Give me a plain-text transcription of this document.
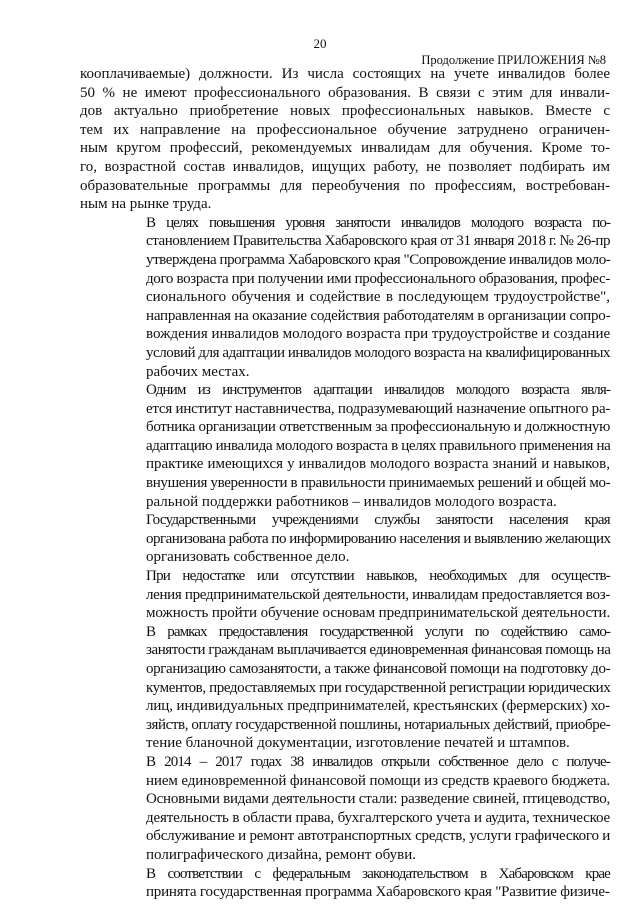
20
Продолжение ПРИЛОЖЕНИЯ №8

кооплачиваемые) должности. Из числа состоящих на учете инвалидов более
50 % не имеют профессионального образования. В связи с этим для инвали-
дов актуально приобретение новых профессиональных навыков. Вместе с
тем их направление на профессиональное обучение затруднено ограничен-
ным кругом профессий, рекомендуемых инвалидам для обучения. Кроме то-
го, возрастной состав инвалидов, ищущих работу, не позволяет подбирать им
образовательные программы для переобучения по профессиям, востребован-
ным на рынке труда.

В целях повышения уровня занятости инвалидов молодого возраста по-
становлением Правительства Хабаровского края от 31 января 2018 г. № 26-пр
утверждена программа Хабаровского края "Сопровождение инвалидов моло-
дого возраста при получении ими профессионального образования, профес-
сионального обучения и содействие в последующем трудоустройстве",
направленная на оказание содействия работодателям в организации сопро-
вождения инвалидов молодого возраста при трудоустройстве и создание
условий для адаптации инвалидов молодого возраста на квалифицированных
рабочих местах.

Одним из инструментов адаптации инвалидов молодого возраста явля-
ется институт наставничества, подразумевающий назначение опытного ра-
ботника организации ответственным за профессиональную и должностную
адаптацию инвалида молодого возраста в целях правильного применения на
практике имеющихся у инвалидов молодого возраста знаний и навыков,
внушения уверенности в правильности принимаемых решений и общей мо-
ральной поддержки работников – инвалидов молодого возраста.

Государственными учреждениями службы занятости населения края
организована работа по информированию населения и выявлению желающих
организовать собственное дело.

При недостатке или отсутствии навыков, необходимых для осуществ-
ления предпринимательской деятельности, инвалидам предоставляется воз-
можность пройти обучение основам предпринимательской деятельности.

В рамках предоставления государственной услуги по содействию само-
занятости гражданам выплачивается единовременная финансовая помощь на
организацию самозанятости, а также финансовой помощи на подготовку до-
кументов, предоставляемых при государственной регистрации юридических
лиц, индивидуальных предпринимателей, крестьянских (фермерских) хо-
зяйств, оплату государственной пошлины, нотариальных действий, приобре-
тение бланочной документации, изготовление печатей и штампов.

В 2014 – 2017 годах 38 инвалидов открыли собственное дело с получе-
нием единовременной финансовой помощи из средств краевого бюджета.
Основными видами деятельности стали: разведение свиней, птицеводство,
деятельность в области права, бухгалтерского учета и аудита, техническое
обслуживание и ремонт автотранспортных средств, услуги графического и
полиграфического дизайна, ремонт обуви.

В соответствии с федеральным законодательством в Хабаровском крае
принята государственная программа Хабаровского края "Развитие физиче-
